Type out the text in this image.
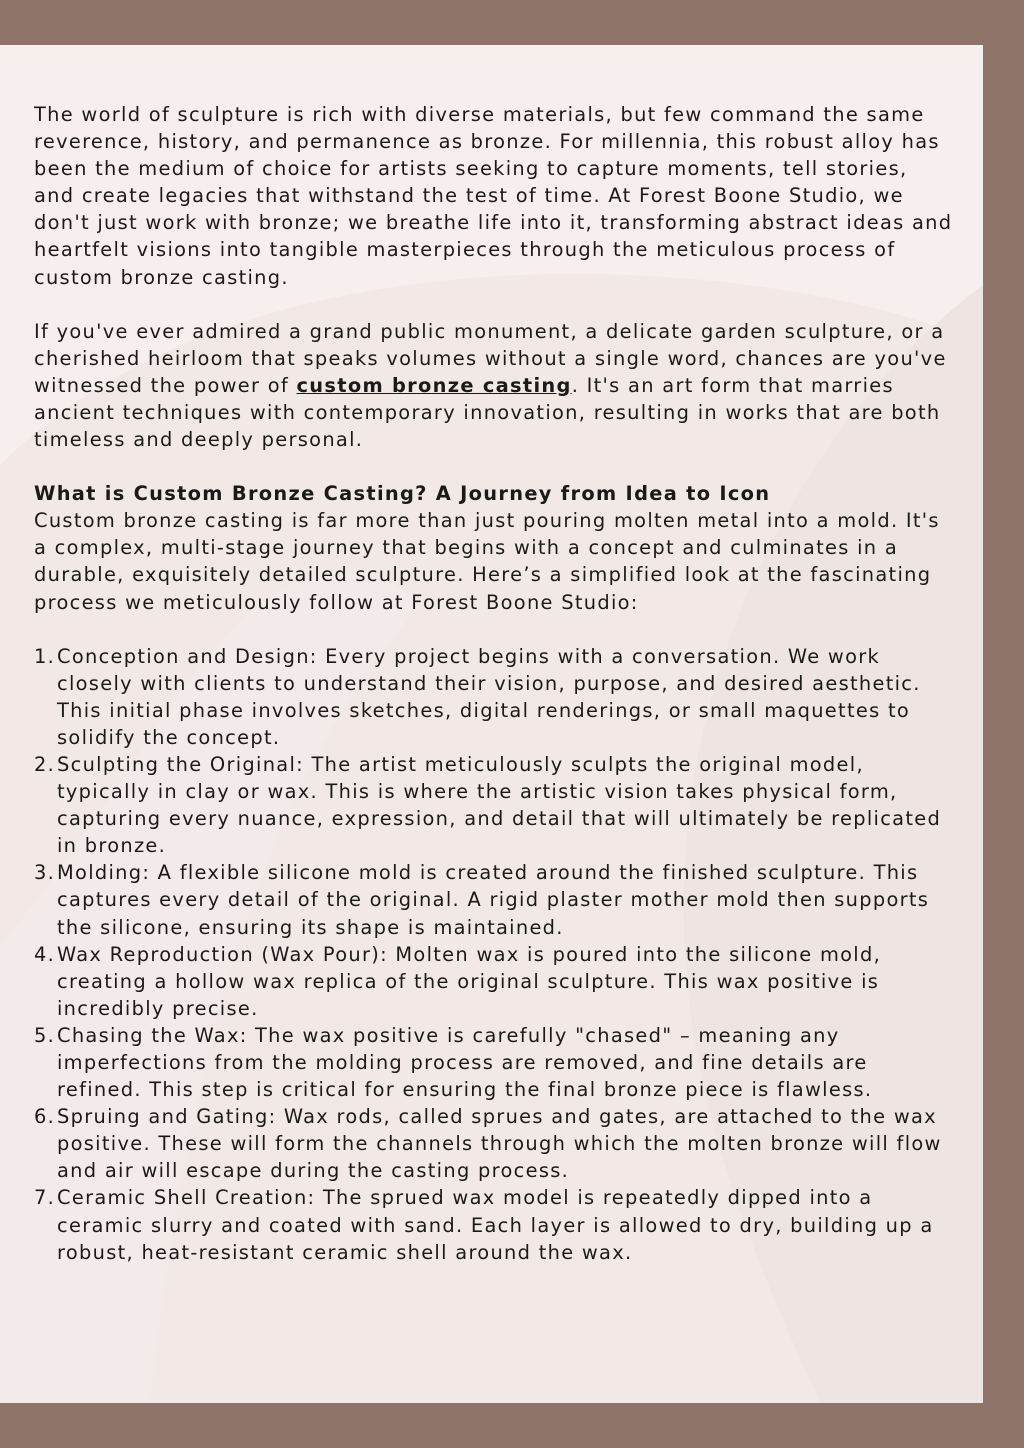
The world of sculpture is rich with diverse materials, but few command the same reverence, history, and permanence as bronze. For millennia, this robust alloy has been the medium of choice for artists seeking to capture moments, tell stories, and create legacies that withstand the test of time. At Forest Boone Studio, we don't just work with bronze; we breathe life into it, transforming abstract ideas and heartfelt visions into tangible masterpieces through the meticulous process of custom bronze casting.

If you've ever admired a grand public monument, a delicate garden sculpture, or a cherished heirloom that speaks volumes without a single word, chances are you've witnessed the power of custom bronze casting. It's an art form that marries ancient techniques with contemporary innovation, resulting in works that are both timeless and deeply personal.

What is Custom Bronze Casting? A Journey from Idea to Icon

Custom bronze casting is far more than just pouring molten metal into a mold. It's a complex, multi-stage journey that begins with a concept and culminates in a durable, exquisitely detailed sculpture. Here’s a simplified look at the fascinating process we meticulously follow at Forest Boone Studio:

1. Conception and Design: Every project begins with a conversation. We work closely with clients to understand their vision, purpose, and desired aesthetic. This initial phase involves sketches, digital renderings, or small maquettes to solidify the concept.
2. Sculpting the Original: The artist meticulously sculpts the original model, typically in clay or wax. This is where the artistic vision takes physical form, capturing every nuance, expression, and detail that will ultimately be replicated in bronze.
3. Molding: A flexible silicone mold is created around the finished sculpture. This captures every detail of the original. A rigid plaster mother mold then supports the silicone, ensuring its shape is maintained.
4. Wax Reproduction (Wax Pour): Molten wax is poured into the silicone mold, creating a hollow wax replica of the original sculpture. This wax positive is incredibly precise.
5. Chasing the Wax: The wax positive is carefully "chased" – meaning any imperfections from the molding process are removed, and fine details are refined. This step is critical for ensuring the final bronze piece is flawless.
6. Spruing and Gating: Wax rods, called sprues and gates, are attached to the wax positive. These will form the channels through which the molten bronze will flow and air will escape during the casting process.
7. Ceramic Shell Creation: The sprued wax model is repeatedly dipped into a ceramic slurry and coated with sand. Each layer is allowed to dry, building up a robust, heat-resistant ceramic shell around the wax.
